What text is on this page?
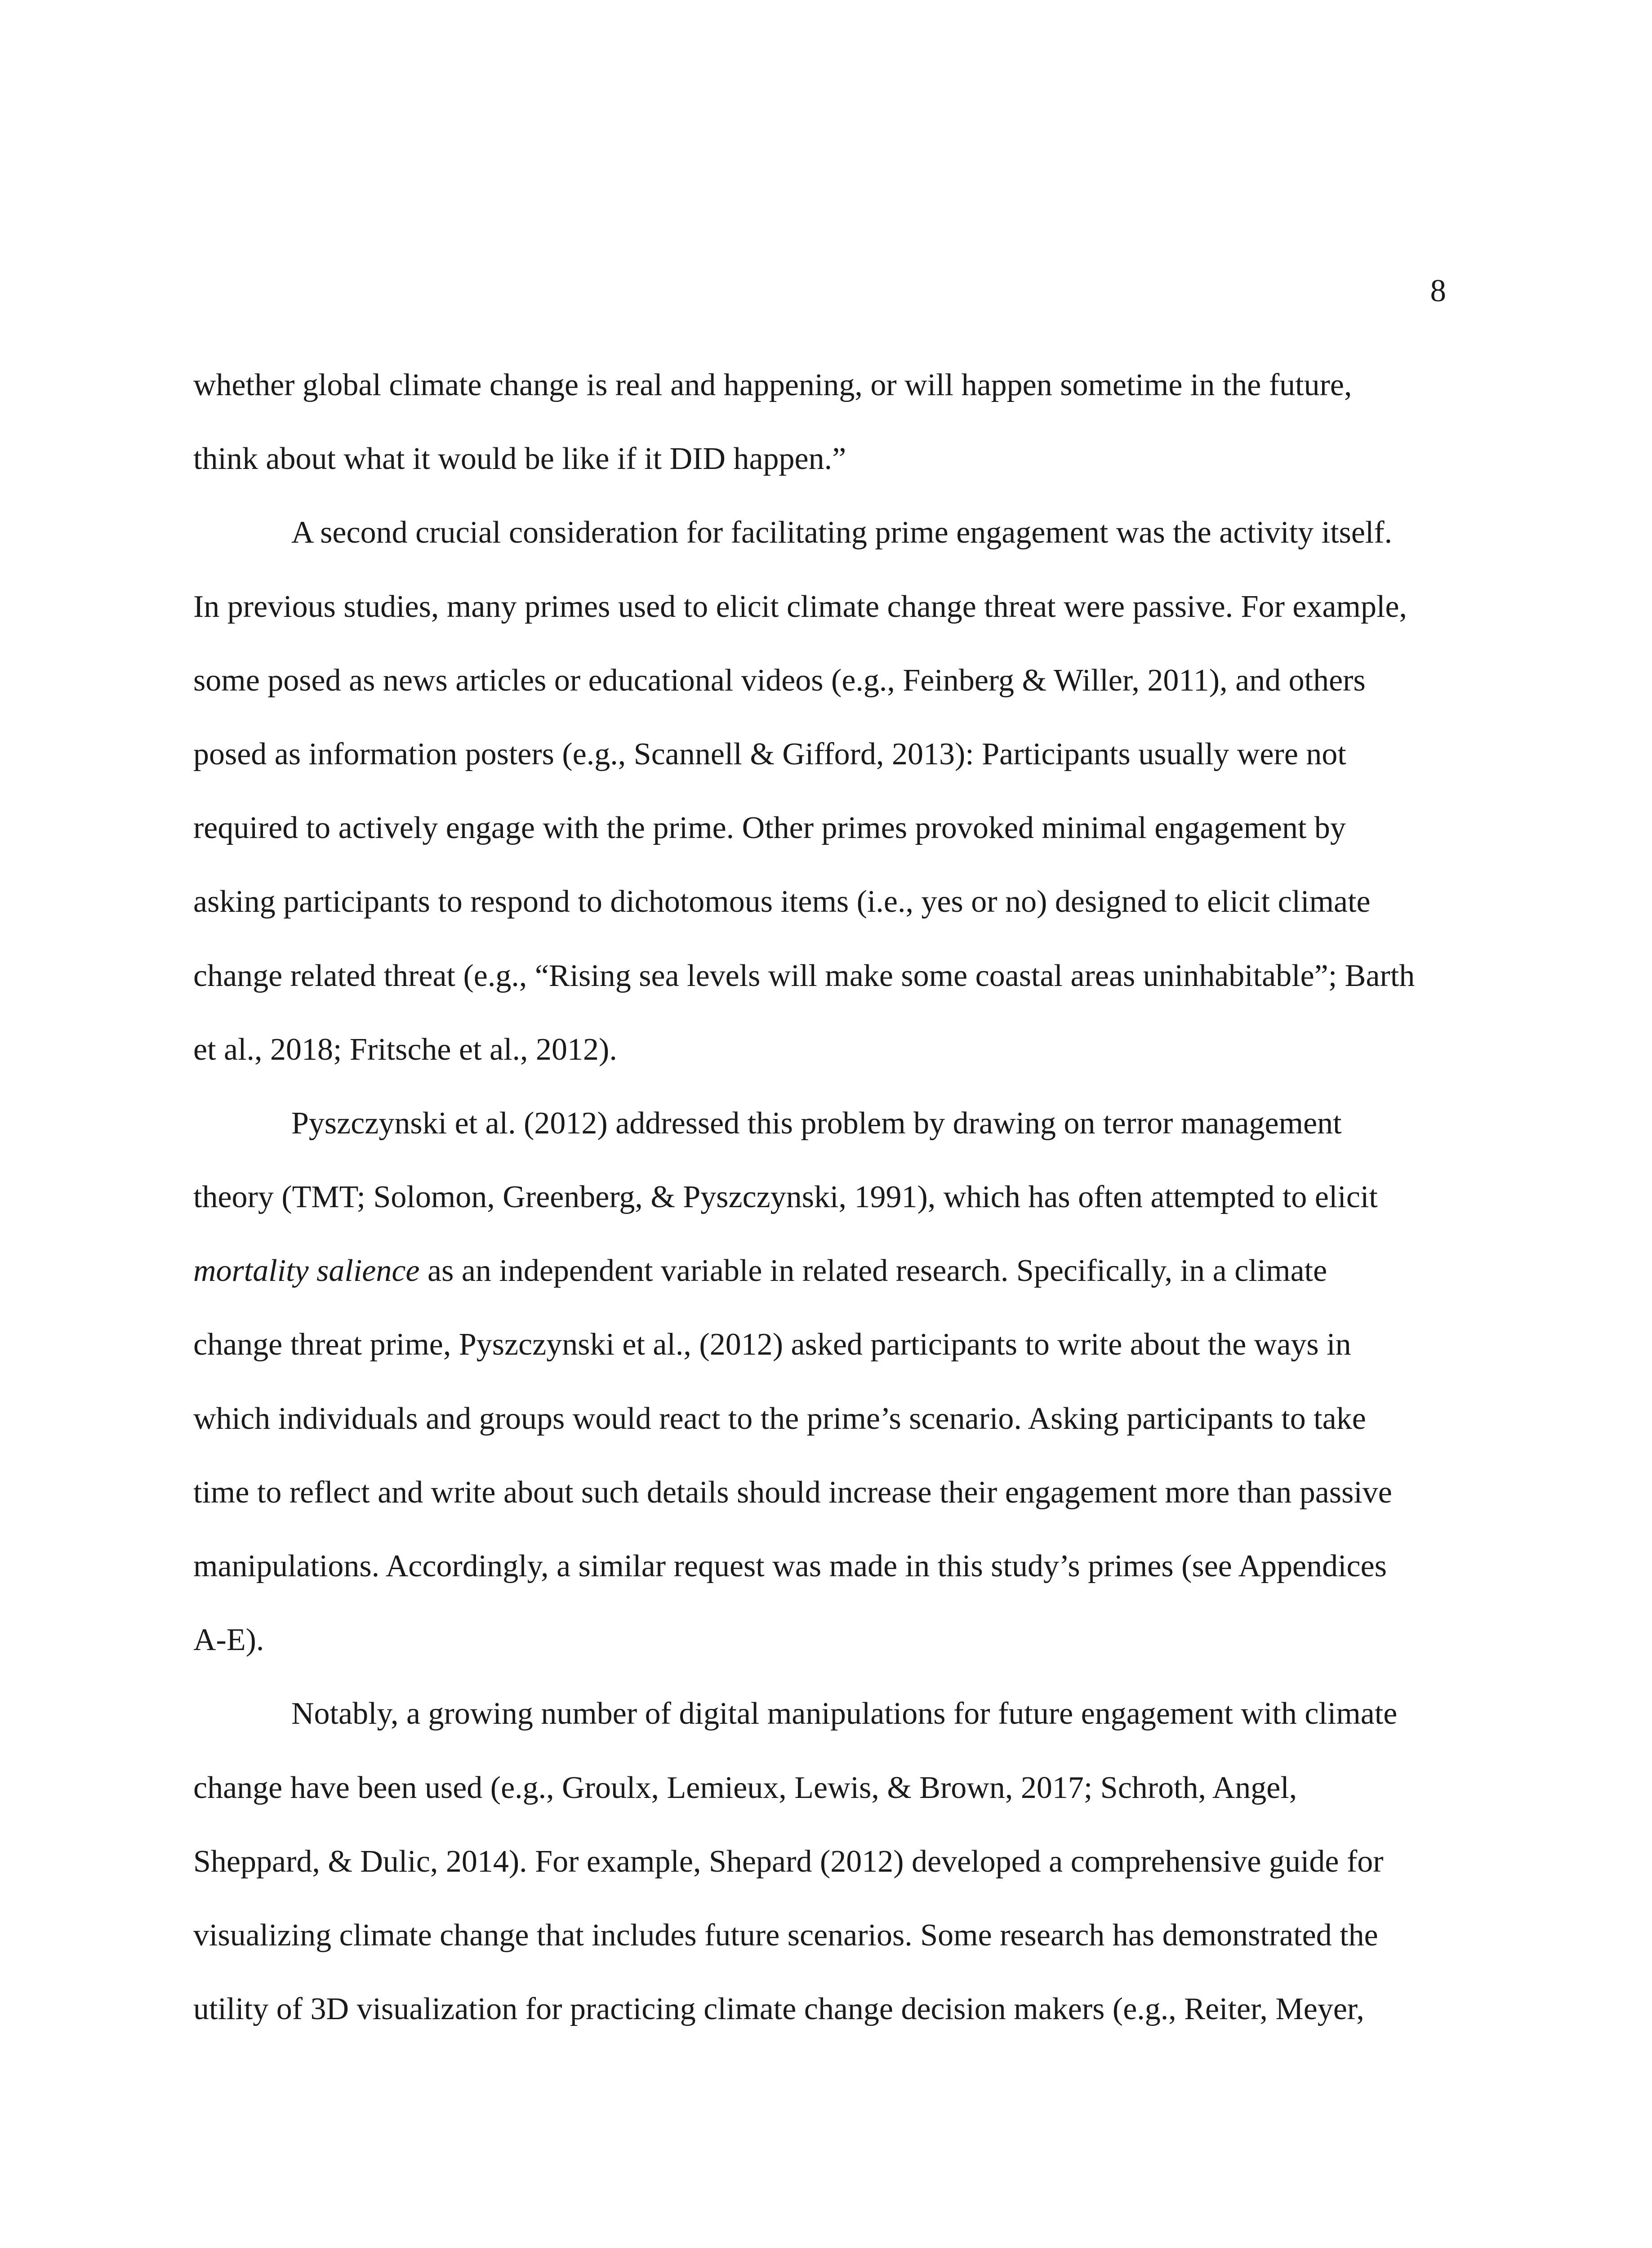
8
whether global climate change is real and happening, or will happen sometime in the future,
think about what it would be like if it DID happen.”
A second crucial consideration for facilitating prime engagement was the activity itself.
In previous studies, many primes used to elicit climate change threat were passive. For example,
some posed as news articles or educational videos (e.g., Feinberg & Willer, 2011), and others
posed as information posters (e.g., Scannell & Gifford, 2013): Participants usually were not
required to actively engage with the prime. Other primes provoked minimal engagement by
asking participants to respond to dichotomous items (i.e., yes or no) designed to elicit climate
change related threat (e.g., “Rising sea levels will make some coastal areas uninhabitable”; Barth
et al., 2018; Fritsche et al., 2012).
Pyszczynski et al. (2012) addressed this problem by drawing on terror management
theory (TMT; Solomon, Greenberg, & Pyszczynski, 1991), which has often attempted to elicit
mortality salience as an independent variable in related research. Specifically, in a climate
change threat prime, Pyszczynski et al., (2012) asked participants to write about the ways in
which individuals and groups would react to the prime’s scenario. Asking participants to take
time to reflect and write about such details should increase their engagement more than passive
manipulations. Accordingly, a similar request was made in this study’s primes (see Appendices
A-E).
Notably, a growing number of digital manipulations for future engagement with climate
change have been used (e.g., Groulx, Lemieux, Lewis, & Brown, 2017; Schroth, Angel,
Sheppard, & Dulic, 2014). For example, Shepard (2012) developed a comprehensive guide for
visualizing climate change that includes future scenarios. Some research has demonstrated the
utility of 3D visualization for practicing climate change decision makers (e.g., Reiter, Meyer,
